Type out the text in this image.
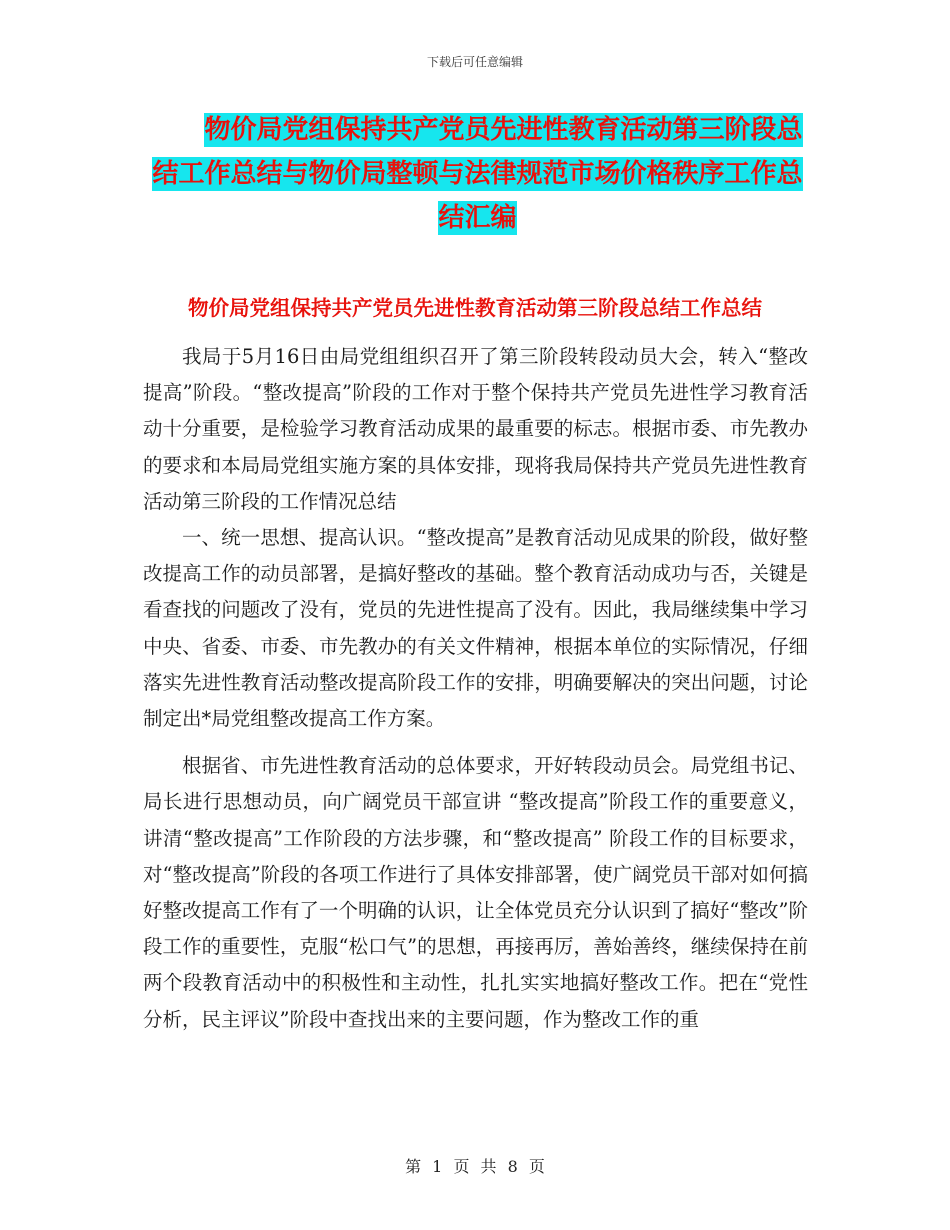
下载后可任意编辑
物价局党组保持共产党员先进性教育活动第三阶段总结工作总结与物价局整顿与法律规范市场价格秩序工作总结汇编
物价局党组保持共产党员先进性教育活动第三阶段总结工作总结

我局于5月16日由局党组组织召开了第三阶段转段动员大会，转入“整改提高”阶段。“整改提高”阶段的工作对于整个保持共产党员先进性学习教育活动十分重要，是检验学习教育活动成果的最重要的标志。根据市委、市先教办的要求和本局局党组实施方案的具体安排，现将我局保持共产党员先进性教育活动第三阶段的工作情况总结

一、统一思想、提高认识。“整改提高”是教育活动见成果的阶段，做好整改提高工作的动员部署，是搞好整改的基础。整个教育活动成功与否，关键是看查找的问题改了没有，党员的先进性提高了没有。因此，我局继续集中学习中央、省委、市委、市先教办的有关文件精神，根据本单位的实际情况，仔细落实先进性教育活动整改提高阶段工作的安排，明确要解决的突出问题，讨论制定出*局党组整改提高工作方案。

根据省、市先进性教育活动的总体要求，开好转段动员会。局党组书记、局长进行思想动员，向广阔党员干部宣讲 “整改提高”阶段工作的重要意义，讲清“整改提高”工作阶段的方法步骤，和“整改提高” 阶段工作的目标要求，对“整改提高”阶段的各项工作进行了具体安排部署，使广阔党员干部对如何搞好整改提高工作有了一个明确的认识，让全体党员充分认识到了搞好“整改”阶段工作的重要性，克服“松口气”的思想，再接再厉，善始善终，继续保持在前两个段教育活动中的积极性和主动性，扎扎实实地搞好整改工作。把在“党性分析，民主评议”阶段中查找出来的主要问题，作为整改工作的重

第 1 页 共 8 页
